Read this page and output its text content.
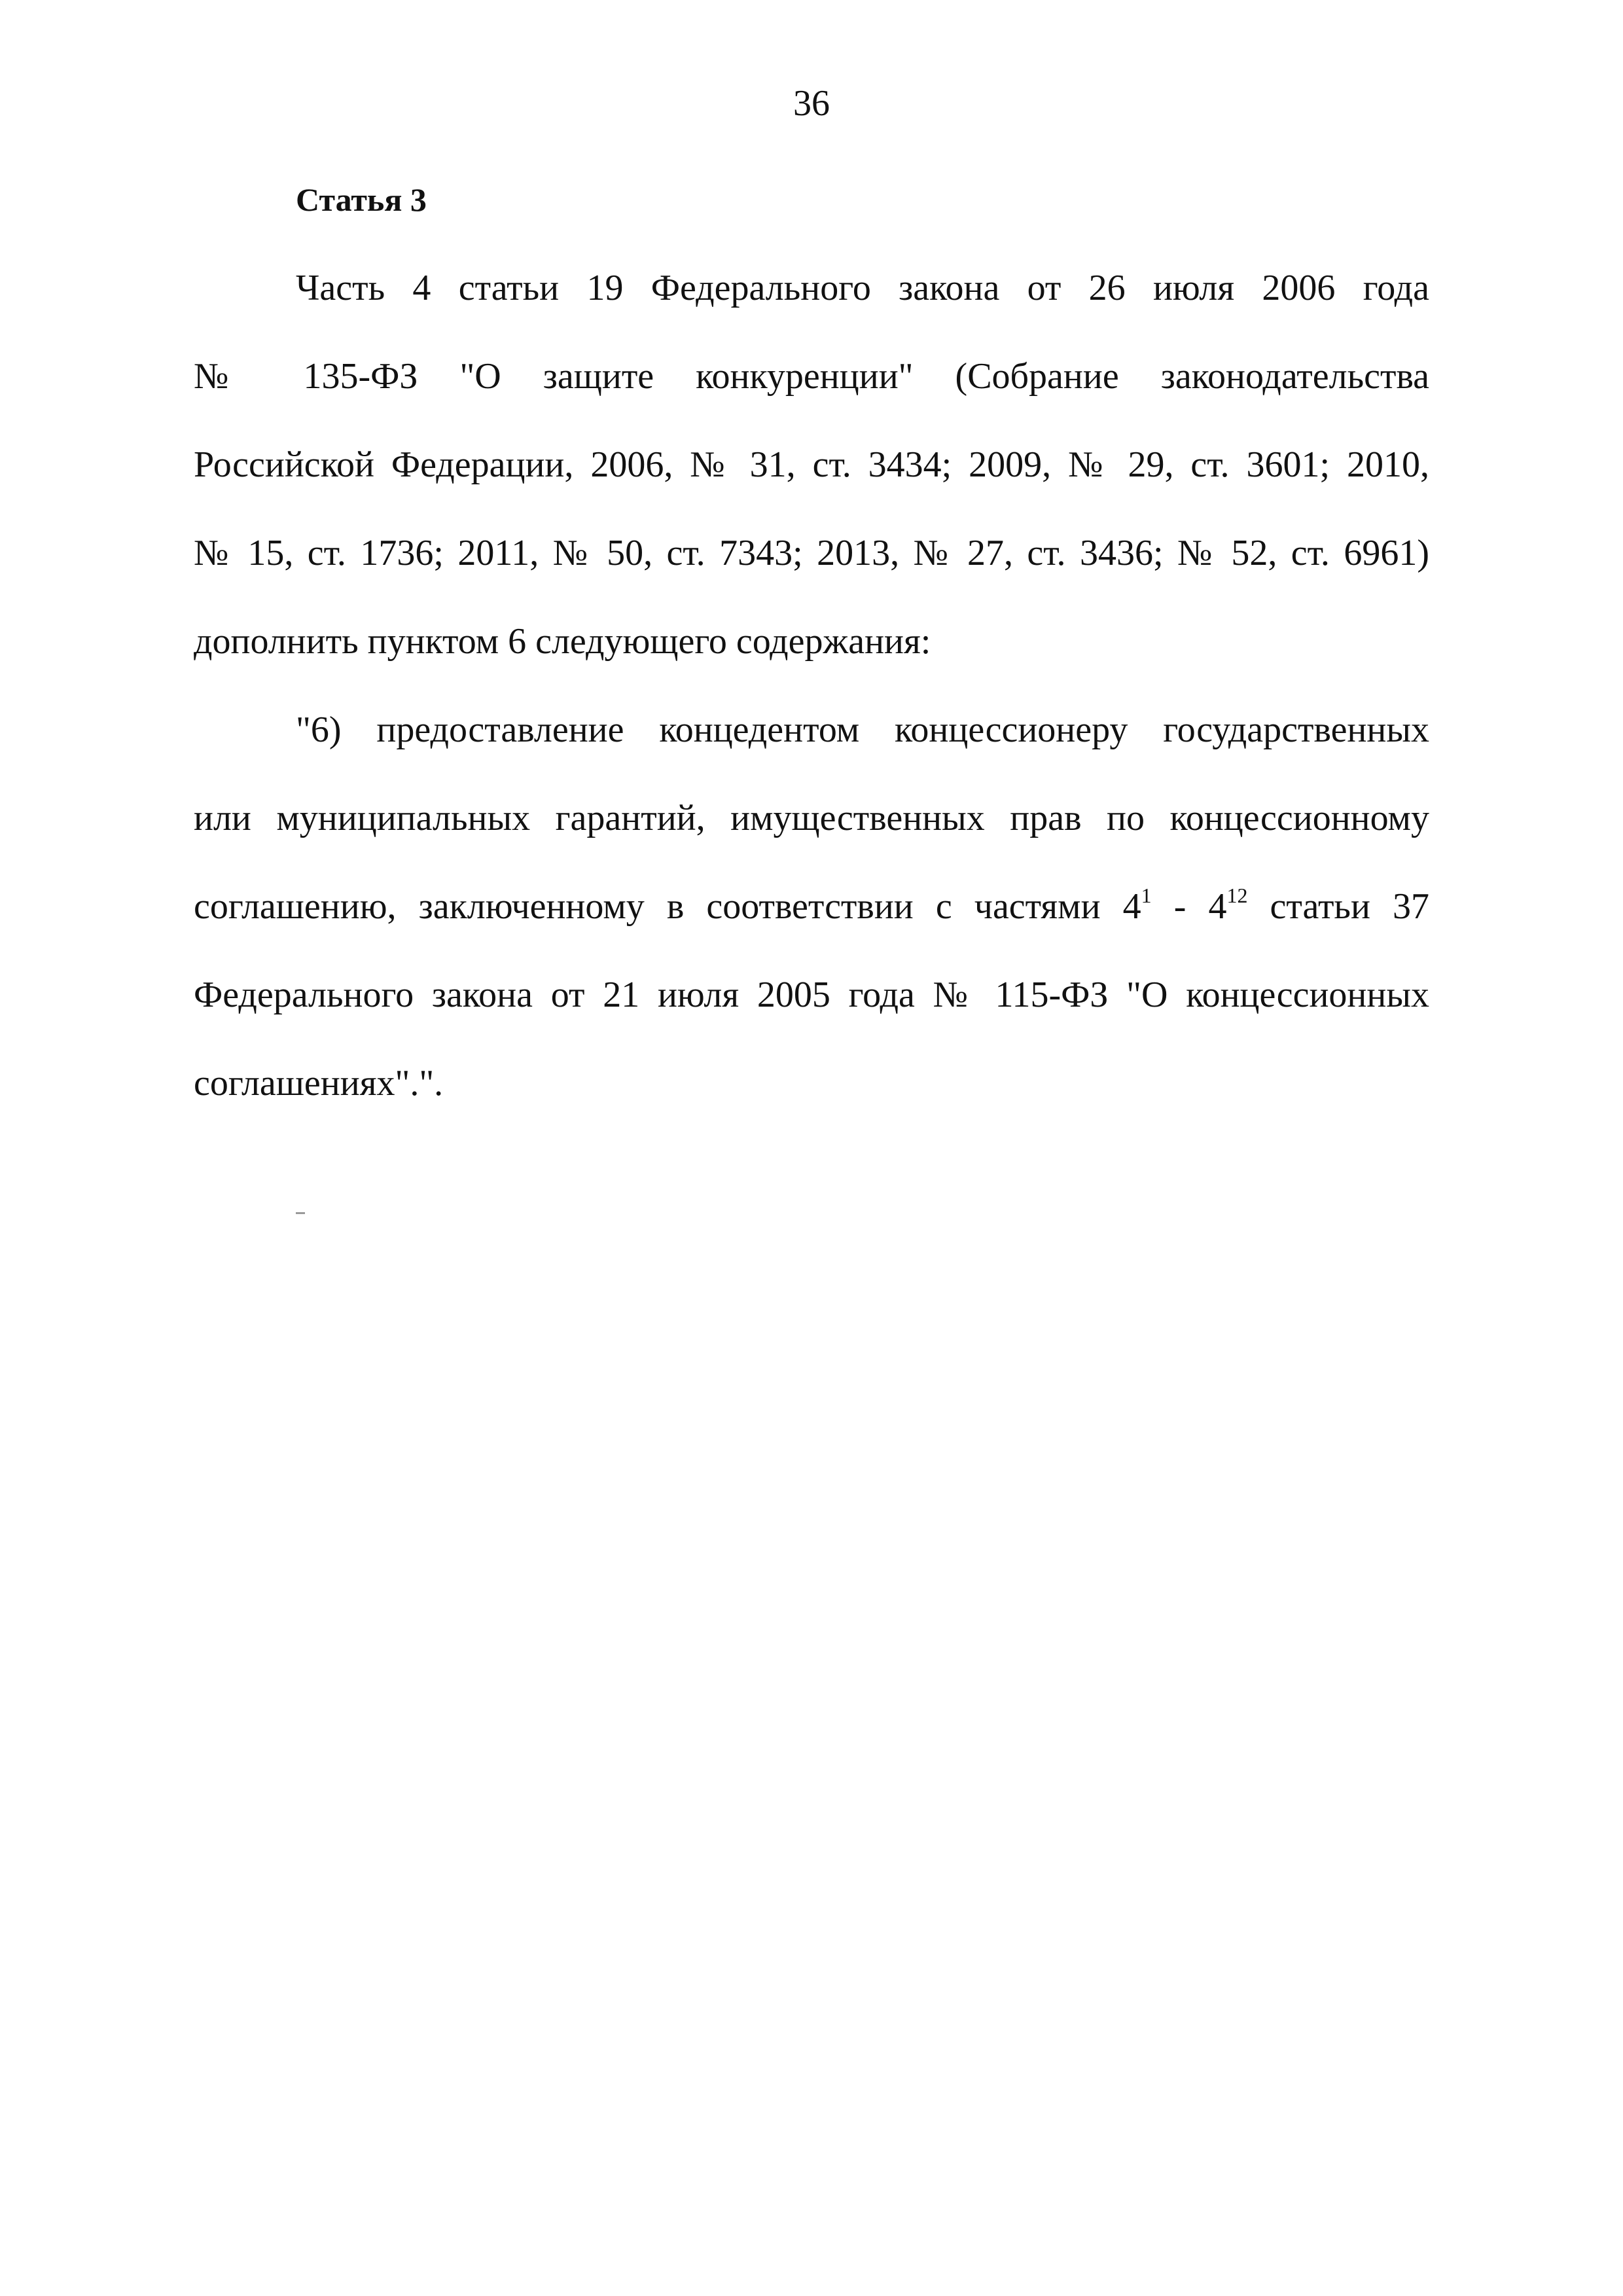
36
Статья 3
Часть 4 статьи 19 Федерального закона от 26 июля 2006 года
№ 135-ФЗ "О защите конкуренции" (Собрание законодательства
Российской Федерации, 2006, № 31, ст. 3434; 2009, № 29, ст. 3601; 2010,
№ 15, ст. 1736; 2011, № 50, ст. 7343; 2013, № 27, ст. 3436; № 52, ст. 6961)
дополнить пунктом 6 следующего содержания:
"6) предоставление концедентом концессионеру государственных
или муниципальных гарантий, имущественных прав по концессионному
соглашению, заключенному в соответствии с частями $4^1 - 4^{12}$ статьи 37
Федерального закона от 21 июля 2005 года № 115-ФЗ "О концессионных
соглашениях".".
